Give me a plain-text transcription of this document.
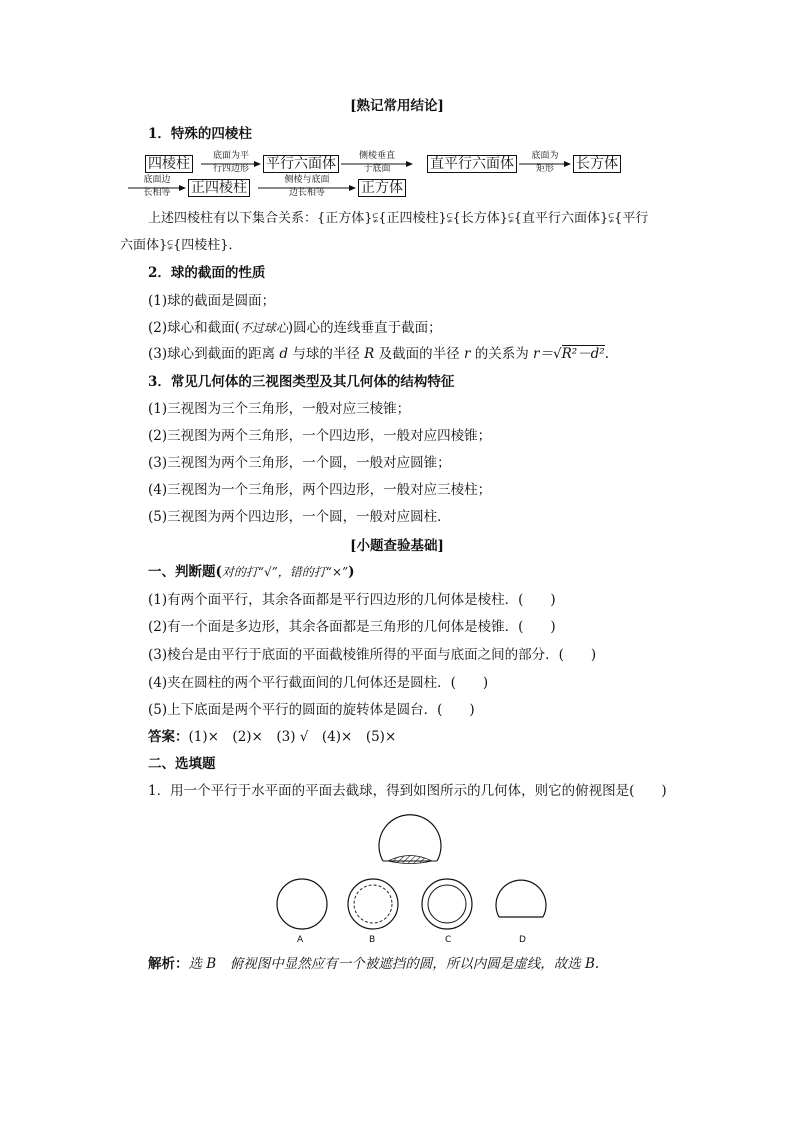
[熟记常用结论]
1．特殊的四棱柱
四棱柱	底面为平
行四边形	平行六面体	侧棱垂直
于底面	直平行六面体	底面为
矩形	长方体
底面边
长相等	正四棱柱	侧棱与底面
边长相等	正方体
上述四棱柱有以下集合关系：{正方体}⫋{正四棱柱}⫋{长方体}⫋{直平行六面体}⫋{平行
六面体}⫋{四棱柱}．
2．球的截面的性质
(1)球的截面是圆面；
(2)球心和截面(不过球心)圆心的连线垂直于截面；
(3)球心到截面的距离 d 与球的半径 R 及截面的半径 r 的关系为 r＝√R²－d².
3．常见几何体的三视图类型及其几何体的结构特征
(1)三视图为三个三角形，一般对应三棱锥；
(2)三视图为两个三角形，一个四边形，一般对应四棱锥；
(3)三视图为两个三角形，一个圆，一般对应圆锥；
(4)三视图为一个三角形，两个四边形，一般对应三棱柱；
(5)三视图为两个四边形，一个圆，一般对应圆柱．
[小题查验基础]
一、判断题(对的打“√”，错的打“×”)
(1)有两个面平行，其余各面都是平行四边形的几何体是棱柱．(　　)
(2)有一个面是多边形，其余各面都是三角形的几何体是棱锥．(　　)
(3)棱台是由平行于底面的平面截棱锥所得的平面与底面之间的部分．(　　)
(4)夹在圆柱的两个平行截面间的几何体还是圆柱．(　　)
(5)上下底面是两个平行的圆面的旋转体是圆台．(　　)
答案：(1)×　(2)×　(3) √　(4)×　(5)×
二、选填题
1．用一个平行于水平面的平面去截球，得到如图所示的几何体，则它的俯视图是(　　)
A	B	C	D
解析：选 B　俯视图中显然应有一个被遮挡的圆，所以内圆是虚线，故选 B.
